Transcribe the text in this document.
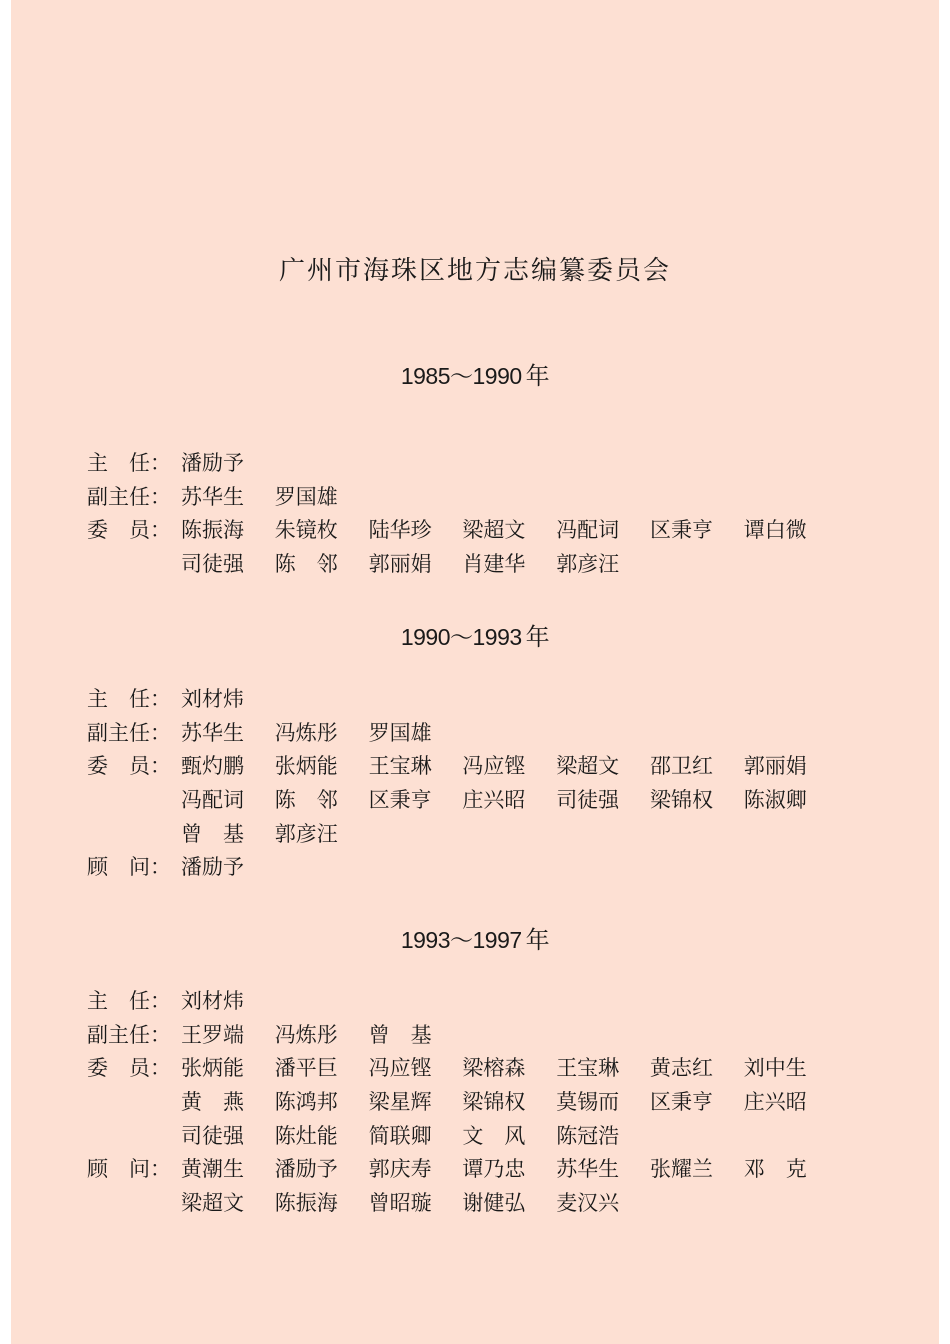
广州市海珠区地方志编纂委员会
1985～1990 年
主　任： 潘励予
副主任： 苏华生 罗国雄
委　员： 陈振海 朱镜枚 陆华珍 梁超文 冯配词 区秉亨 谭白微
司徒强 陈　邻 郭丽娟 肖建华 郭彦汪
1990～1993 年
主　任： 刘材炜
副主任： 苏华生 冯炼彤 罗国雄
委　员： 甄灼鹏 张炳能 王宝琳 冯应铿 梁超文 邵卫红 郭丽娟
冯配词 陈　邻 区秉亨 庄兴昭 司徒强 梁锦权 陈淑卿
曾　基 郭彦汪
顾　问： 潘励予
1993～1997 年
主　任： 刘材炜
副主任： 王罗端 冯炼彤 曾　基
委　员： 张炳能 潘平巨 冯应铿 梁榕森 王宝琳 黄志红 刘中生
黄　燕 陈鸿邦 梁星辉 梁锦权 莫锡而 区秉亨 庄兴昭
司徒强 陈灶能 简联卿 文　风 陈冠浩
顾　问： 黄潮生 潘励予 郭庆寿 谭乃忠 苏华生 张耀兰 邓　克
梁超文 陈振海 曾昭璇 谢健弘 麦汉兴
